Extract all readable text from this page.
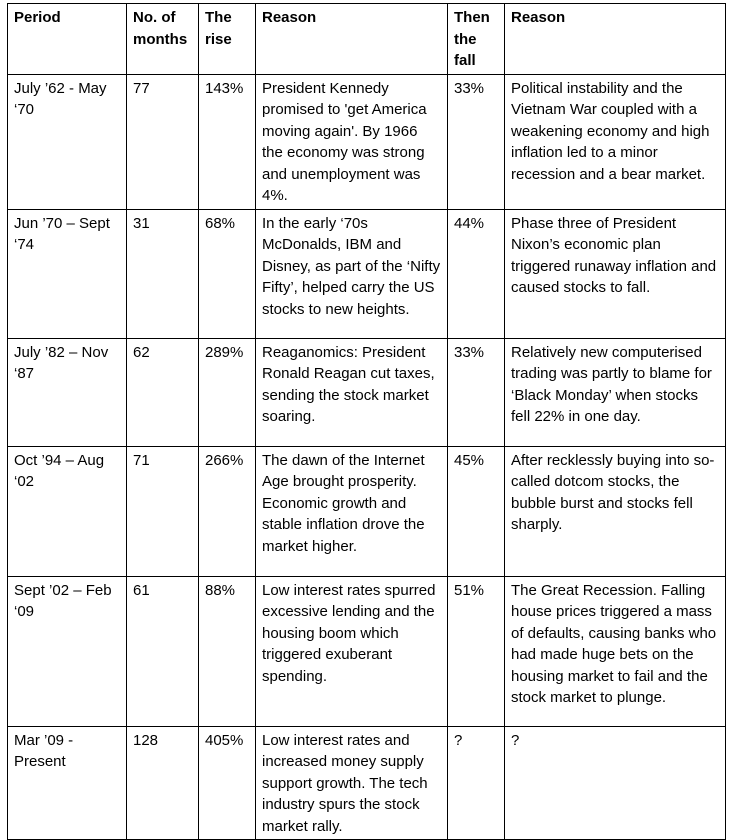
Period	No. of months	The rise	Reason	Then the fall	Reason
July ’62 - May ‘70	77	143%	President Kennedy promised to 'get America moving again'. By 1966 the economy was strong and unemployment was 4%.	33%	Political instability and the Vietnam War coupled with a weakening economy and high inflation led to a minor recession and a bear market.
Jun ’70 – Sept ‘74	31	68%	In the early ‘70s McDonalds, IBM and Disney, as part of the ‘Nifty Fifty’, helped carry the US stocks to new heights.	44%	Phase three of President Nixon’s economic plan triggered runaway inflation and caused stocks to fall.
July ’82 – Nov ‘87	62	289%	Reaganomics: President Ronald Reagan cut taxes, sending the stock market soaring.	33%	Relatively new computerised trading was partly to blame for ‘Black Monday’ when stocks fell 22% in one day.
Oct ’94 – Aug ‘02	71	266%	The dawn of the Internet Age brought prosperity. Economic growth and stable inflation drove the market higher.	45%	After recklessly buying into so-called dotcom stocks, the bubble burst and stocks fell sharply.
Sept ’02 – Feb ‘09	61	88%	Low interest rates spurred excessive lending and the housing boom which triggered exuberant spending.	51%	The Great Recession. Falling house prices triggered a mass of defaults, causing banks who had made huge bets on the housing market to fail and the stock market to plunge.
Mar ’09 - Present	128	405%	Low interest rates and increased money supply support growth. The tech industry spurs the stock market rally.	?	?
